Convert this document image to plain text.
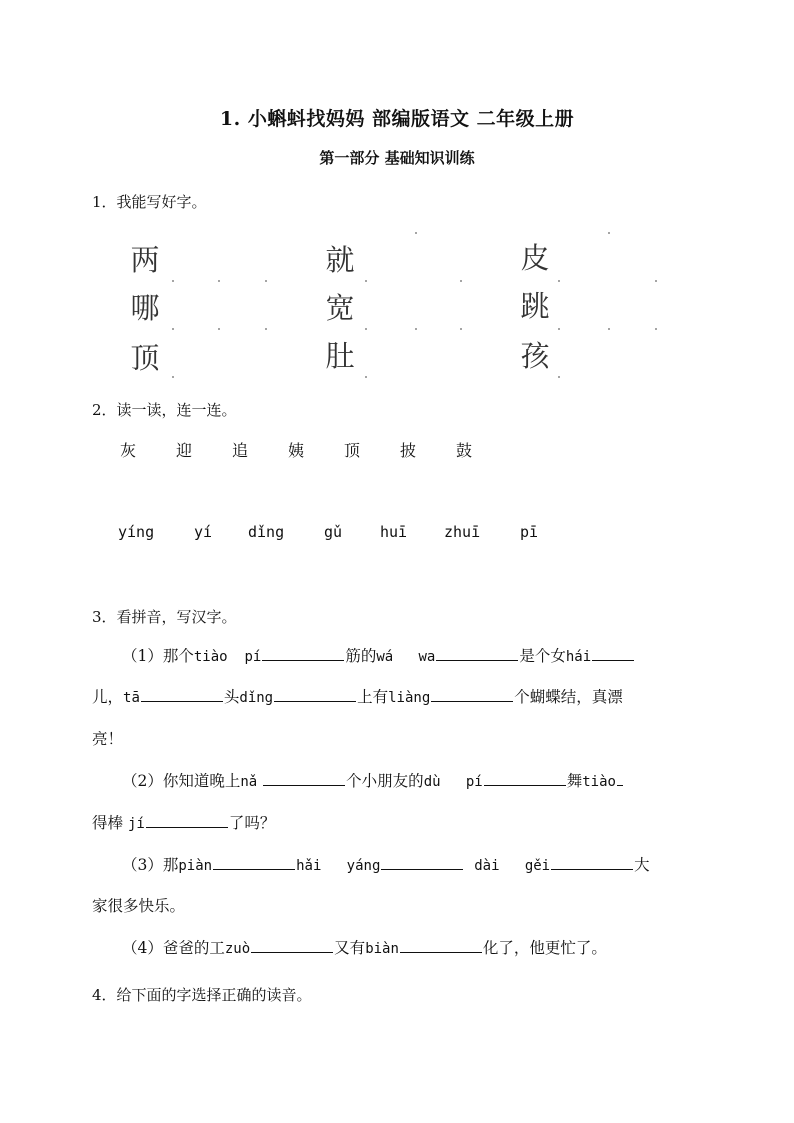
1. 小蝌蚪找妈妈 部编版语文 二年级上册
第一部分 基础知识训练
1．我能写好字。
两	就	皮
哪	宽	跳
顶	肚	孩
2．读一读，连一连。
灰 迎 追 姨 顶 披 鼓
yíng	yí dǐng	gǔ	huī zhuī	pī
3．看拼音，写汉字。
（1）那个tiào  pí	筋的wá   wa	是个女hái
儿，tā	头dǐng	上有liàng	个蝴蝶结，真漂
亮！
（2）你知道晚上nǎ	个小朋友的dù   pí	舞tiào
得棒 jí	了吗？
（3）那piàn	hǎi   yáng	dài   gěi	大
家很多快乐。
（4）爸爸的工zuò	又有biàn	化了，他更忙了。
4．给下面的字选择正确的读音。
